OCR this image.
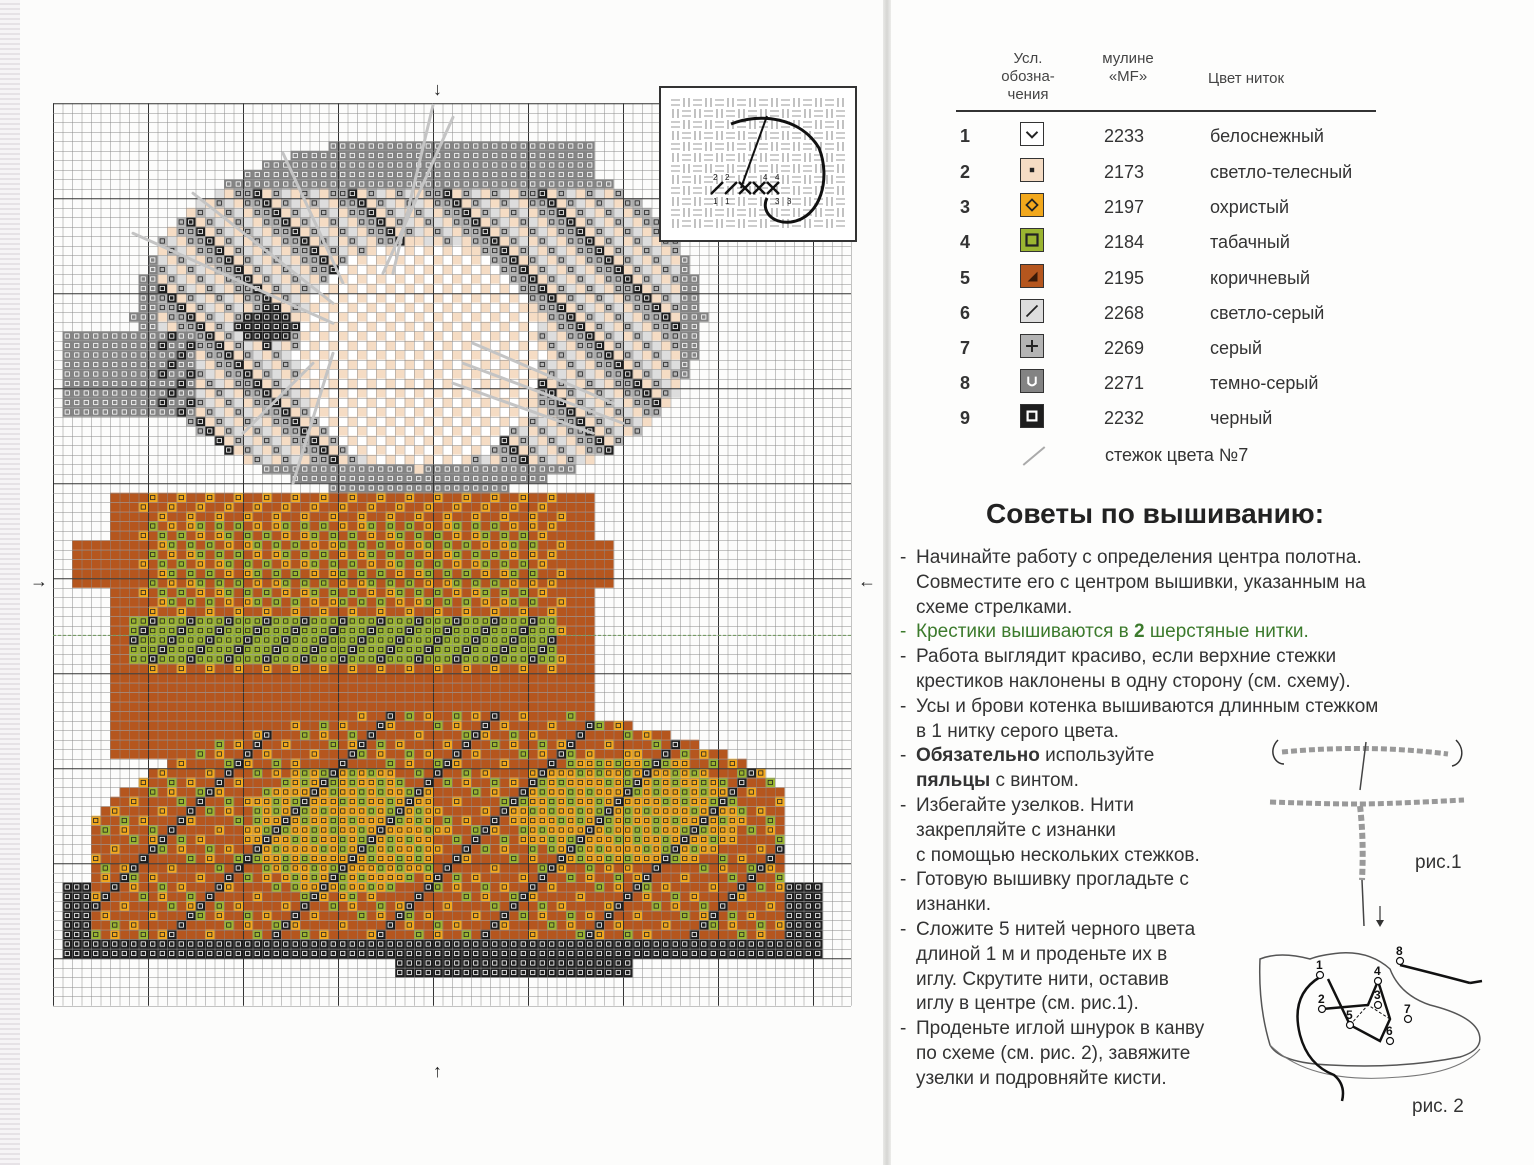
↓
↑
→	←
2 2	4 4
1 1	3 3
Усл. обозна-чения
мулине «MF»	Цвет ниток
1	2233	белоснежный
2	2173	светло-телесный
3	2197	охристый
4	2184	табачный
5	2195	коричневый
6	2268	светло-серый
7	2269	серый
8	2271	темно-серый
9	2232	черный
стежок цвета №7
Советы по вышиванию:

- Начинайте работу с определения центра полотна.
Совместите его с центром вышивки, указанным на
схеме стрелками.

- Крестики вышиваются в 2 шерстяные нитки.

- Работа выглядит красиво, если верхние стежки
крестиков наклонены в одну сторону (см. схему).

- Усы и брови котенка вышиваются длинным стежком
в 1 нитку серого цвета.

- Обязательно используйте
пяльцы с винтом.

- Избегайте узелков. Нити
закрепляйте с изнанки
с помощью нескольких стежков.

- Готовую вышивку прогладьте с
изнанки.

- Сложите 5 нитей черного цвета
длиной 1 м и проденьте их в
иглу. Скрутите нити, оставив
иглу в центре (см. рис.1).

- Проденьте иглой шнурок в канву
по схеме (см. рис. 2), завяжите
узелки и подровняйте кисти.

рис.1
1
2	3
4
5
6
7
8
рис. 2
